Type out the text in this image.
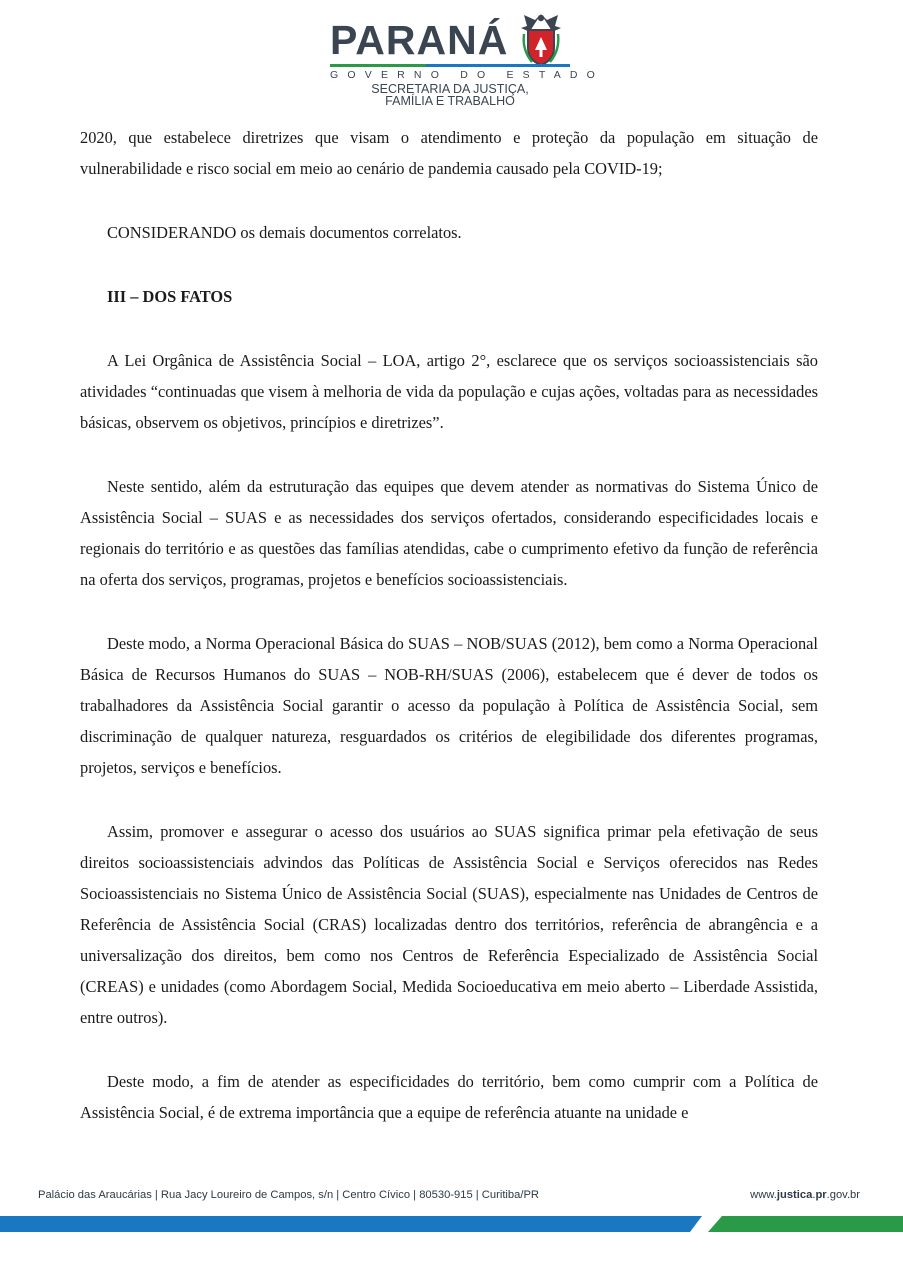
PARANÁ
GOVERNO DO ESTADO
SECRETARIA DA JUSTIÇA,
FAMÍLIA E TRABALHO

2020, que estabelece diretrizes que visam o atendimento e proteção da população em situação de vulnerabilidade e risco social em meio ao cenário de pandemia causado pela COVID-19;

CONSIDERANDO os demais documentos correlatos.

III – DOS FATOS

A Lei Orgânica de Assistência Social – LOA, artigo 2°, esclarece que os serviços socioassistenciais são atividades “continuadas que visem à melhoria de vida da população e cujas ações, voltadas para as necessidades básicas, observem os objetivos, princípios e diretrizes”.

Neste sentido, além da estruturação das equipes que devem atender as normativas do Sistema Único de Assistência Social – SUAS e as necessidades dos serviços ofertados, considerando especificidades locais e regionais do território e as questões das famílias atendidas, cabe o cumprimento efetivo da função de referência na oferta dos serviços, programas, projetos e benefícios socioassistenciais.

Deste modo, a Norma Operacional Básica do SUAS – NOB/SUAS (2012), bem como a Norma Operacional Básica de Recursos Humanos do SUAS – NOB-RH/SUAS (2006), estabelecem que é dever de todos os trabalhadores da Assistência Social garantir o acesso da população à Política de Assistência Social, sem discriminação de qualquer natureza, resguardados os critérios de elegibilidade dos diferentes programas, projetos, serviços e benefícios.

Assim, promover e assegurar o acesso dos usuários ao SUAS significa primar pela efetivação de seus direitos socioassistenciais advindos das Políticas de Assistência Social e Serviços oferecidos nas Redes Socioassistenciais no Sistema Único de Assistência Social (SUAS), especialmente nas Unidades de Centros de Referência de Assistência Social (CRAS) localizadas dentro dos territórios, referência de abrangência e a universalização dos direitos, bem como nos Centros de Referência Especializado de Assistência Social (CREAS) e unidades (como Abordagem Social, Medida Socioeducativa em meio aberto – Liberdade Assistida, entre outros).

Deste modo, a fim de atender as especificidades do território, bem como cumprir com a Política de Assistência Social, é de extrema importância que a equipe de referência atuante na unidade e

Palácio das Araucárias | Rua Jacy Loureiro de Campos, s/n | Centro Cívico | 80530-915 | Curitiba/PR	www.justica.pr.gov.br
